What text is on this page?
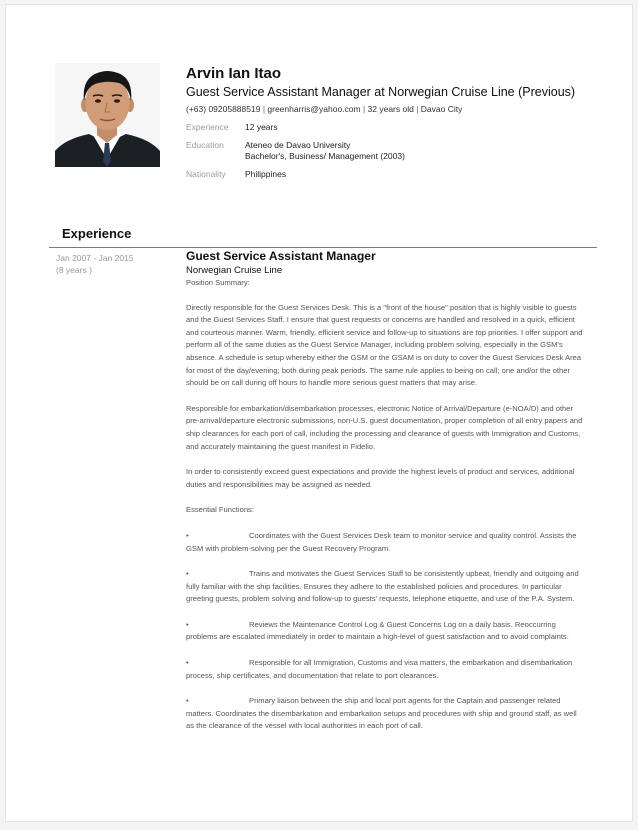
Arvin Ian Itao
Guest Service Assistant Manager at Norwegian Cruise Line (Previous)
(+63) 09205888519 | greenharris@yahoo.com | 32 years old | Davao City
Experience	12 years
Education	Ateneo de Davao University
Bachelor's, Business/ Management (2003)
Nationality	Philippines
Experience
Jan 2007 - Jan 2015
(8 years )
Guest Service Assistant Manager
Norwegian Cruise Line

Position Summary:

Directly responsible for the Guest Services Desk. This is a "front of the house" position that is highly visible to guests and the Guest Services Staff. I ensure that guest requests or concerns are handled and resolved in a quick, efficient and courteous manner. Warm, friendly, efficient service and follow-up to situations are top priorities. I offer support and perform all of the same duties as the Guest Service Manager, including problem solving, especially in the GSM's absence. A schedule is setup whereby either the GSM or the GSAM is on duty to cover the Guest Services Desk Area for most of the day/evening; both during peak periods. The same rule applies to being on call; one and/or the other should be on call during off hours to handle more serious guest matters that may arise.

Responsible for embarkation/disembarkation processes, electronic Notice of Arrival/Departure (e-NOA/D) and other pre-arrival/departure electronic submissions, non-U.S. guest documentation, proper completion of all entry papers and ship clearances for each port of call, including the processing and clearance of guests with Immigration and Customs, and accurately maintaining the guest manifest in Fidelio.

In order to consistently exceed guest expectations and provide the highest levels of product and services, additional duties and responsibilities may be assigned as needed.

Essential Functions:

•	Coordinates with the Guest Services Desk team to monitor service and quality control. Assists the GSM with problem-solving per the Guest Recovery Program.

•	Trains and motivates the Guest Services Staff to be consistently upbeat, friendly and outgoing and fully familiar with the ship facilities. Ensures they adhere to the established policies and procedures. In particular greeting guests, problem solving and follow-up to guests' requests, telephone etiquette, and use of the P.A. System.

•	Reviews the Maintenance Control Log & Guest Concerns Log on a daily basis. Reoccurring problems are escalated immediately in order to maintain a high-level of guest satisfaction and to avoid complaints.

•	Responsible for all Immigration, Customs and visa matters, the embarkation and disembarkation process, ship certificates, and documentation that relate to port clearances.

•	Primary liaison between the ship and local port agents for the Captain and passenger related matters. Coordinates the disembarkation and embarkation setups and procedures with ship and ground staff, as well as the clearance of the vessel with local authorities in each port of call.
